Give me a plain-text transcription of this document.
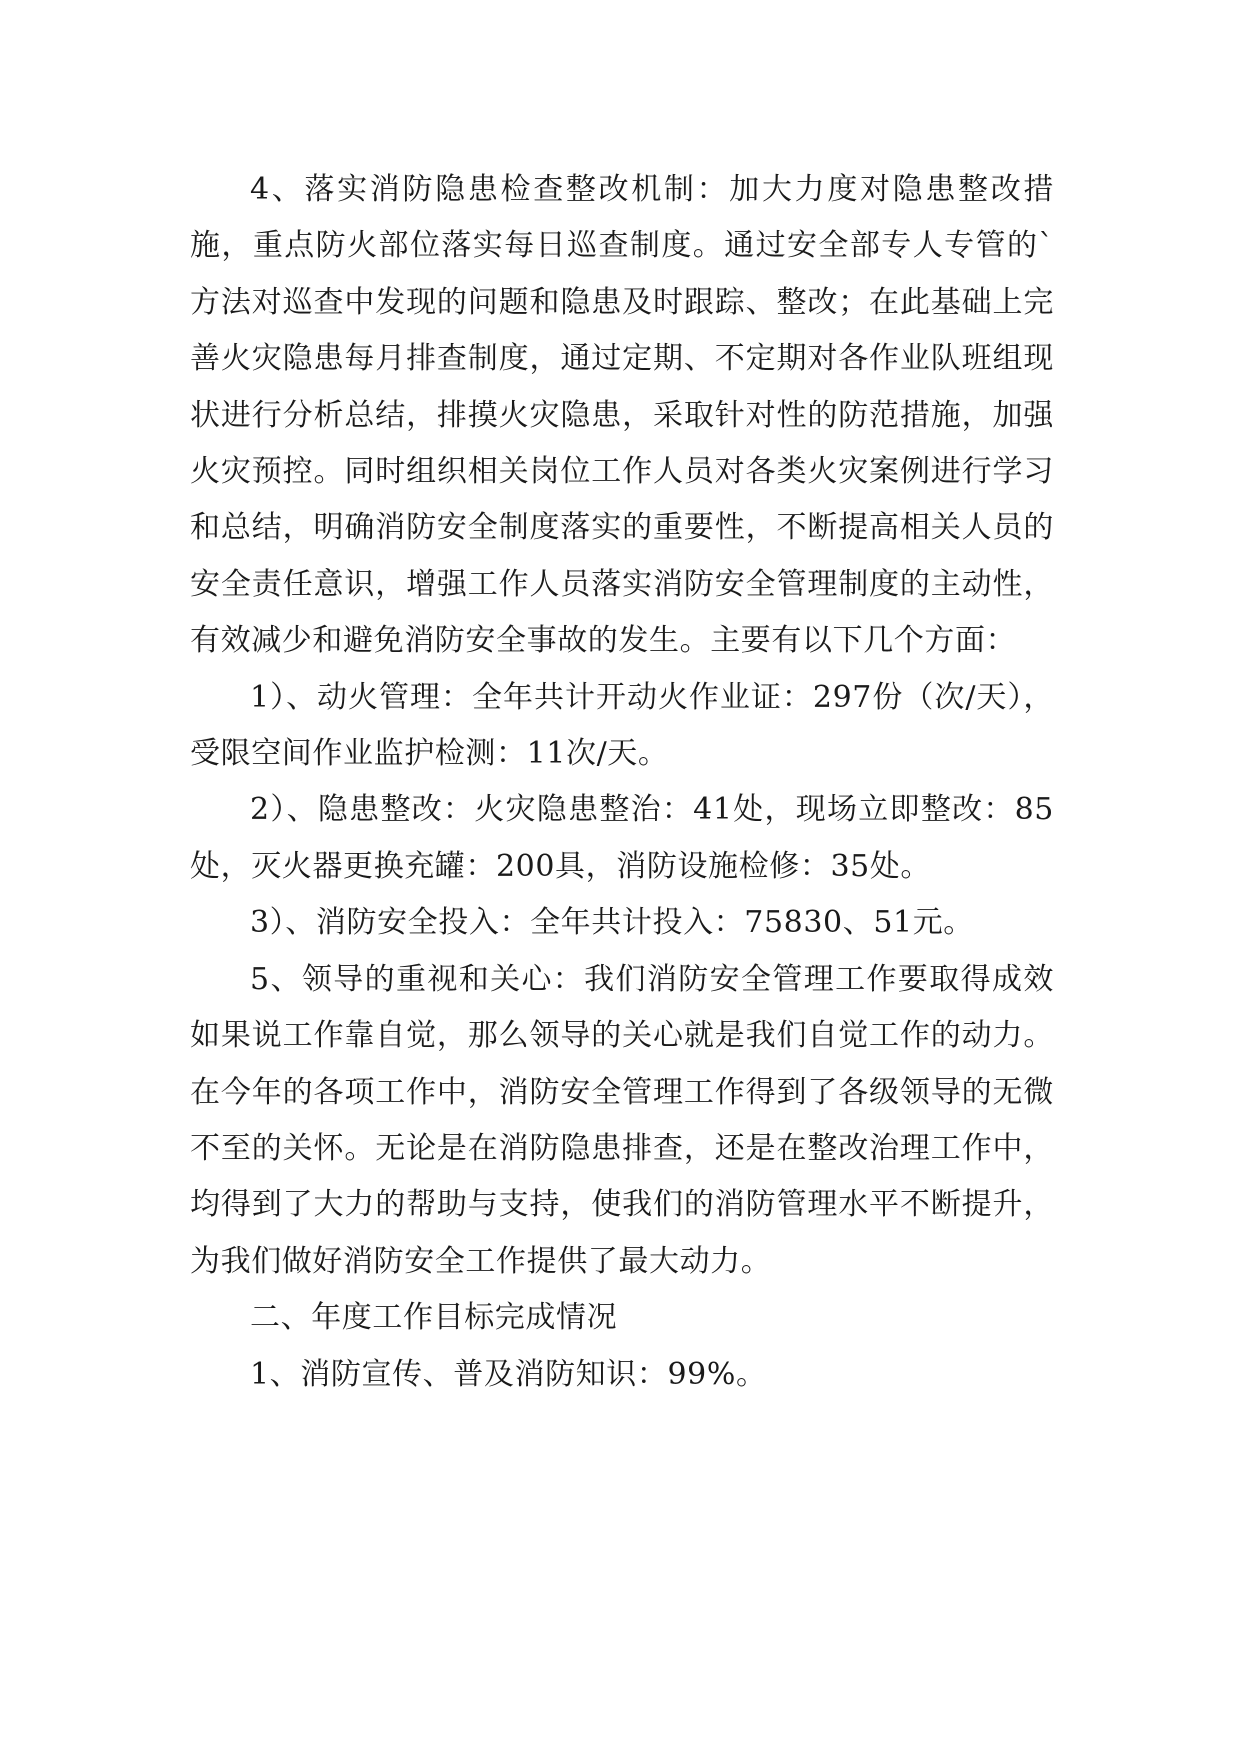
4、落实消防隐患检查整改机制：加大力度对隐患整改措施，重点防火部位落实每日巡查制度。通过安全部专人专管的`方法对巡查中发现的问题和隐患及时跟踪、整改；在此基础上完善火灾隐患每月排查制度，通过定期、不定期对各作业队班组现状进行分析总结，排摸火灾隐患，采取针对性的防范措施，加强火灾预控。同时组织相关岗位工作人员对各类火灾案例进行学习和总结，明确消防安全制度落实的重要性，不断提高相关人员的安全责任意识，增强工作人员落实消防安全管理制度的主动性，有效减少和避免消防安全事故的发生。主要有以下几个方面：

1）、动火管理：全年共计开动火作业证：297份（次/天），受限空间作业监护检测：11次/天。

2）、隐患整改：火灾隐患整治：41处，现场立即整改：85处，灭火器更换充罐：200具，消防设施检修：35处。

3）、消防安全投入：全年共计投入：75830、51元。

5、领导的重视和关心：我们消防安全管理工作要取得成效如果说工作靠自觉，那么领导的关心就是我们自觉工作的动力。在今年的各项工作中，消防安全管理工作得到了各级领导的无微不至的关怀。无论是在消防隐患排查，还是在整改治理工作中，均得到了大力的帮助与支持，使我们的消防管理水平不断提升，为我们做好消防安全工作提供了最大动力。

二、年度工作目标完成情况

1、消防宣传、普及消防知识：99%。
